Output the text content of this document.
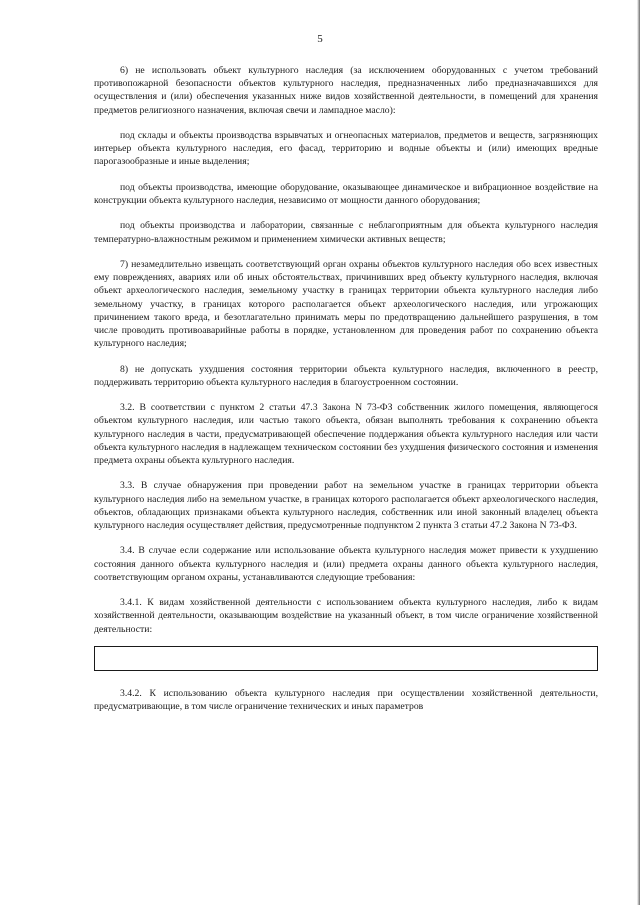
5

6) не использовать объект культурного наследия (за исключением оборудованных с учетом требований противопожарной безопасности объектов культурного наследия, предназначенных либо предназначавшихся для осуществления и (или) обеспечения указанных ниже видов хозяйственной деятельности, в помещений для хранения предметов религиозного назначения, включая свечи и лампадное масло):

под склады и объекты производства взрывчатых и огнеопасных материалов, предметов и веществ, загрязняющих интерьер объекта культурного наследия, его фасад, территорию и водные объекты и (или) имеющих вредные парогазообразные и иные выделения;

под объекты производства, имеющие оборудование, оказывающее динамическое и вибрационное воздействие на конструкции объекта культурного наследия, независимо от мощности данного оборудования;

под объекты производства и лаборатории, связанные с неблагоприятным для объекта культурного наследия температурно-влажностным режимом и применением химически активных веществ;

7) незамедлительно извещать соответствующий орган охраны объектов культурного наследия обо всех известных ему повреждениях, авариях или об иных обстоятельствах, причинивших вред объекту культурного наследия, включая объект археологического наследия, земельному участку в границах территории объекта культурного наследия либо земельному участку, в границах которого располагается объект археологического наследия, или угрожающих причинением такого вреда, и безотлагательно принимать меры по предотвращению дальнейшего разрушения, в том числе проводить противоаварийные работы в порядке, установленном для проведения работ по сохранению объекта культурного наследия;

8) не допускать ухудшения состояния территории объекта культурного наследия, включенного в реестр, поддерживать территорию объекта культурного наследия в благоустроенном состоянии.

3.2. В соответствии с пунктом 2 статьи 47.3 Закона N 73-ФЗ собственник жилого помещения, являющегося объектом культурного наследия, или частью такого объекта, обязан выполнять требования к сохранению объекта культурного наследия в части, предусматривающей обеспечение поддержания объекта культурного наследия или части объекта культурного наследия в надлежащем техническом состоянии без ухудшения физического состояния и изменения предмета охраны объекта культурного наследия.

3.3. В случае обнаружения при проведении работ на земельном участке в границах территории объекта культурного наследия либо на земельном участке, в границах которого располагается объект археологического наследия, объектов, обладающих признаками объекта культурного наследия, собственник или иной законный владелец объекта культурного наследия осуществляет действия, предусмотренные подпунктом 2 пункта 3 статьи 47.2 Закона N 73-ФЗ.

3.4. В случае если содержание или использование объекта культурного наследия может привести к ухудшению состояния данного объекта культурного наследия и (или) предмета охраны данного объекта культурного наследия, соответствующим органом охраны, устанавливаются следующие требования:

3.4.1. К видам хозяйственной деятельности с использованием объекта культурного наследия, либо к видам хозяйственной деятельности, оказывающим воздействие на указанный объект, в том числе ограничение хозяйственной деятельности:

3.4.2. К использованию объекта культурного наследия при осуществлении хозяйственной деятельности, предусматривающие, в том числе ограничение технических и иных параметров
